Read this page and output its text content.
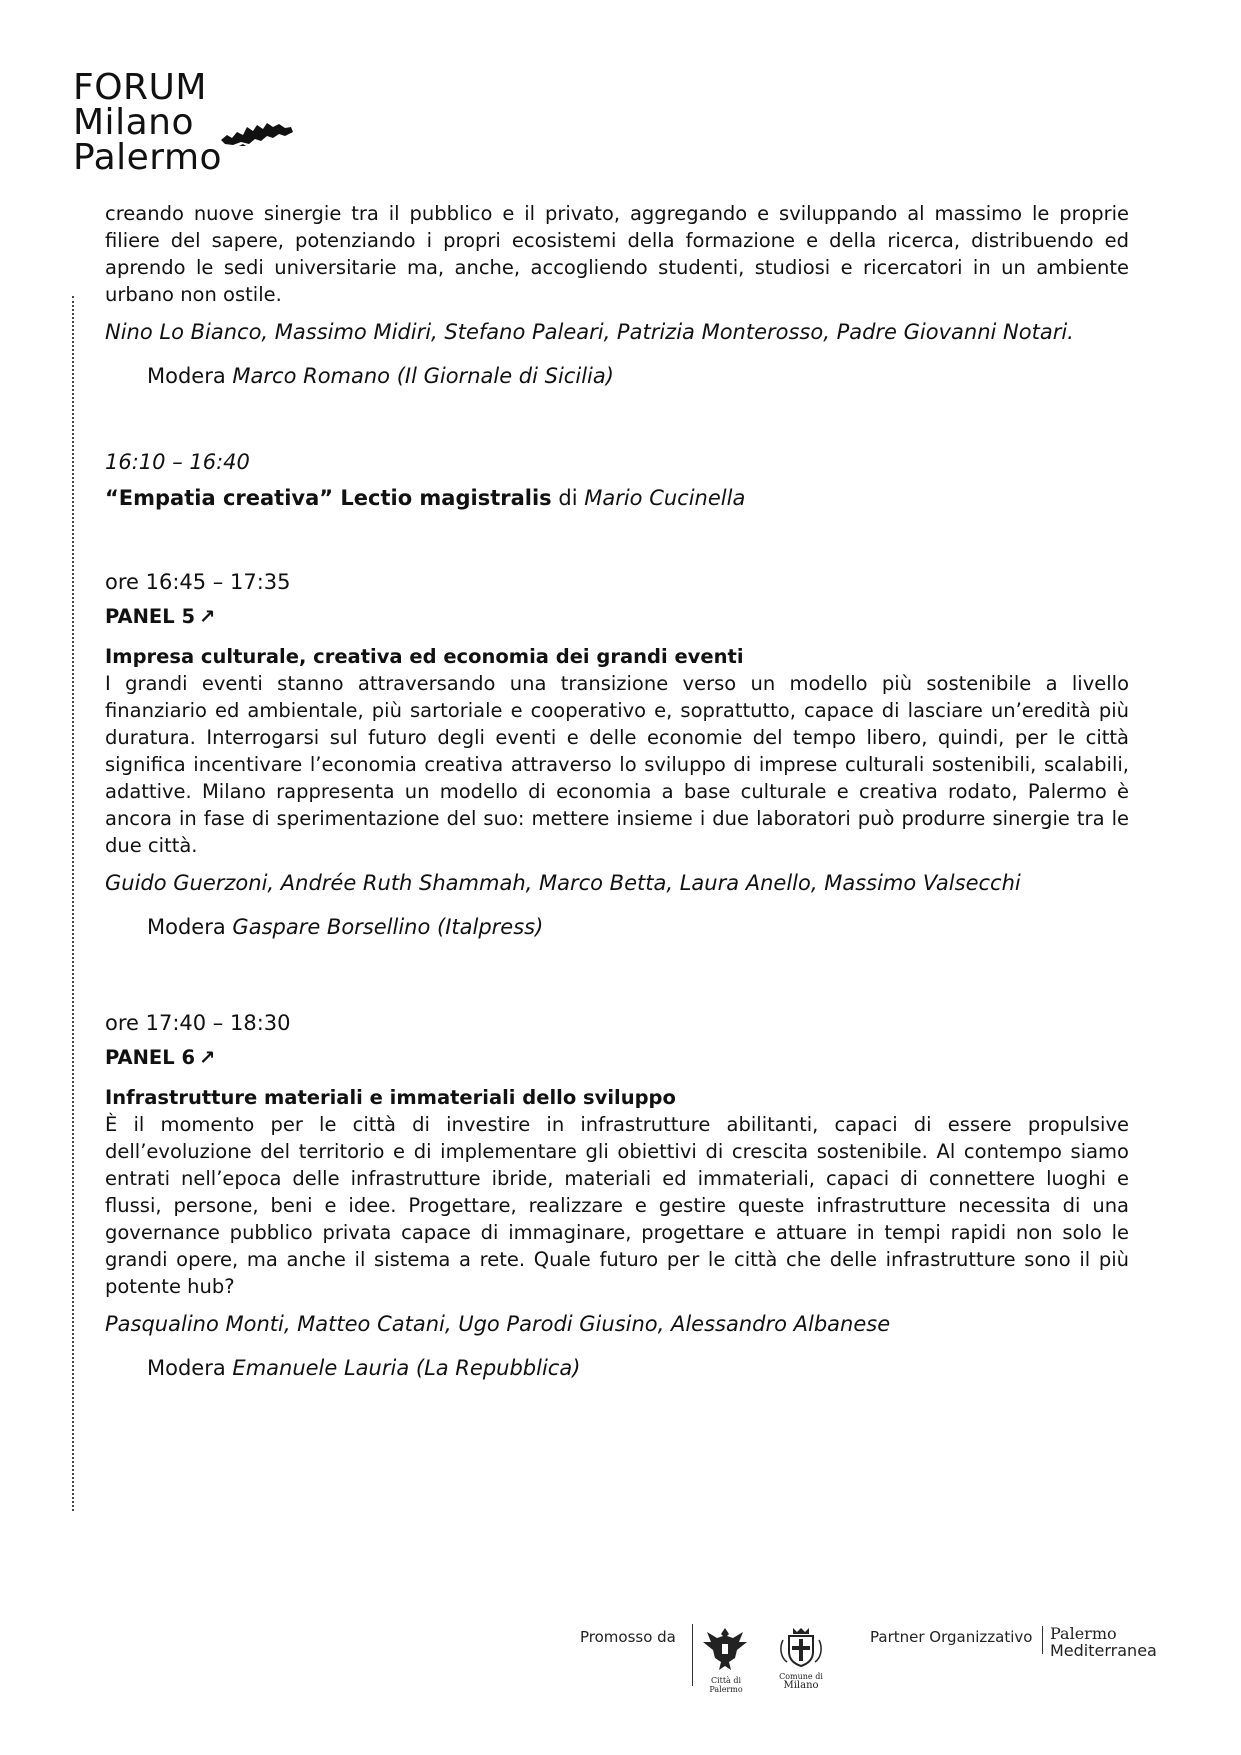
FORUM
Milano
Palermo

creando nuove sinergie tra il pubblico e il privato, aggregando e sviluppando al massimo le proprie filiere del sapere, potenziando i propri ecosistemi della formazione e della ricerca, distribuendo ed aprendo le sedi universitarie ma, anche, accogliendo studenti, studiosi e ricercatori in un ambiente urbano non ostile.

Nino Lo Bianco, Massimo Midiri, Stefano Paleari, Patrizia Monterosso, Padre Giovanni Notari.

Modera Marco Romano (Il Giornale di Sicilia)

16:10 – 16:40

“Empatia creativa” Lectio magistralis di Mario Cucinella

ore 16:45 – 17:35

PANEL 5 ↗

Impresa culturale, creativa ed economia dei grandi eventi

I grandi eventi stanno attraversando una transizione verso un modello più sostenibile a livello finanziario ed ambientale, più sartoriale e cooperativo e, soprattutto, capace di lasciare un’eredità più duratura. Interrogarsi sul futuro degli eventi e delle economie del tempo libero, quindi, per le città significa incentivare l’economia creativa attraverso lo sviluppo di imprese culturali sostenibili, scalabili, adattive. Milano rappresenta un modello di economia a base culturale e creativa rodato, Palermo è ancora in fase di sperimentazione del suo: mettere insieme i due laboratori può produrre sinergie tra le due città.

Guido Guerzoni, Andrée Ruth Shammah, Marco Betta, Laura Anello, Massimo Valsecchi

Modera Gaspare Borsellino (Italpress)

ore 17:40 – 18:30

PANEL 6 ↗

Infrastrutture materiali e immateriali dello sviluppo

È il momento per le città di investire in infrastrutture abilitanti, capaci di essere propulsive dell’evoluzione del territorio e di implementare gli obiettivi di crescita sostenibile. Al contempo siamo entrati nell’epoca delle infrastrutture ibride, materiali ed immateriali, capaci di connettere luoghi e flussi, persone, beni e idee. Progettare, realizzare e gestire queste infrastrutture necessita di una governance pubblico privata capace di immaginare, progettare e attuare in tempi rapidi non solo le grandi opere, ma anche il sistema a rete. Quale futuro per le città che delle infrastrutture sono il più potente hub?

Pasqualino Monti, Matteo Catani, Ugo Parodi Giusino, Alessandro Albanese

Modera Emanuele Lauria (La Repubblica)

Promosso da
Città di Palermo
Comune di
Milano
Partner Organizzativo Palermo
Mediterranea
